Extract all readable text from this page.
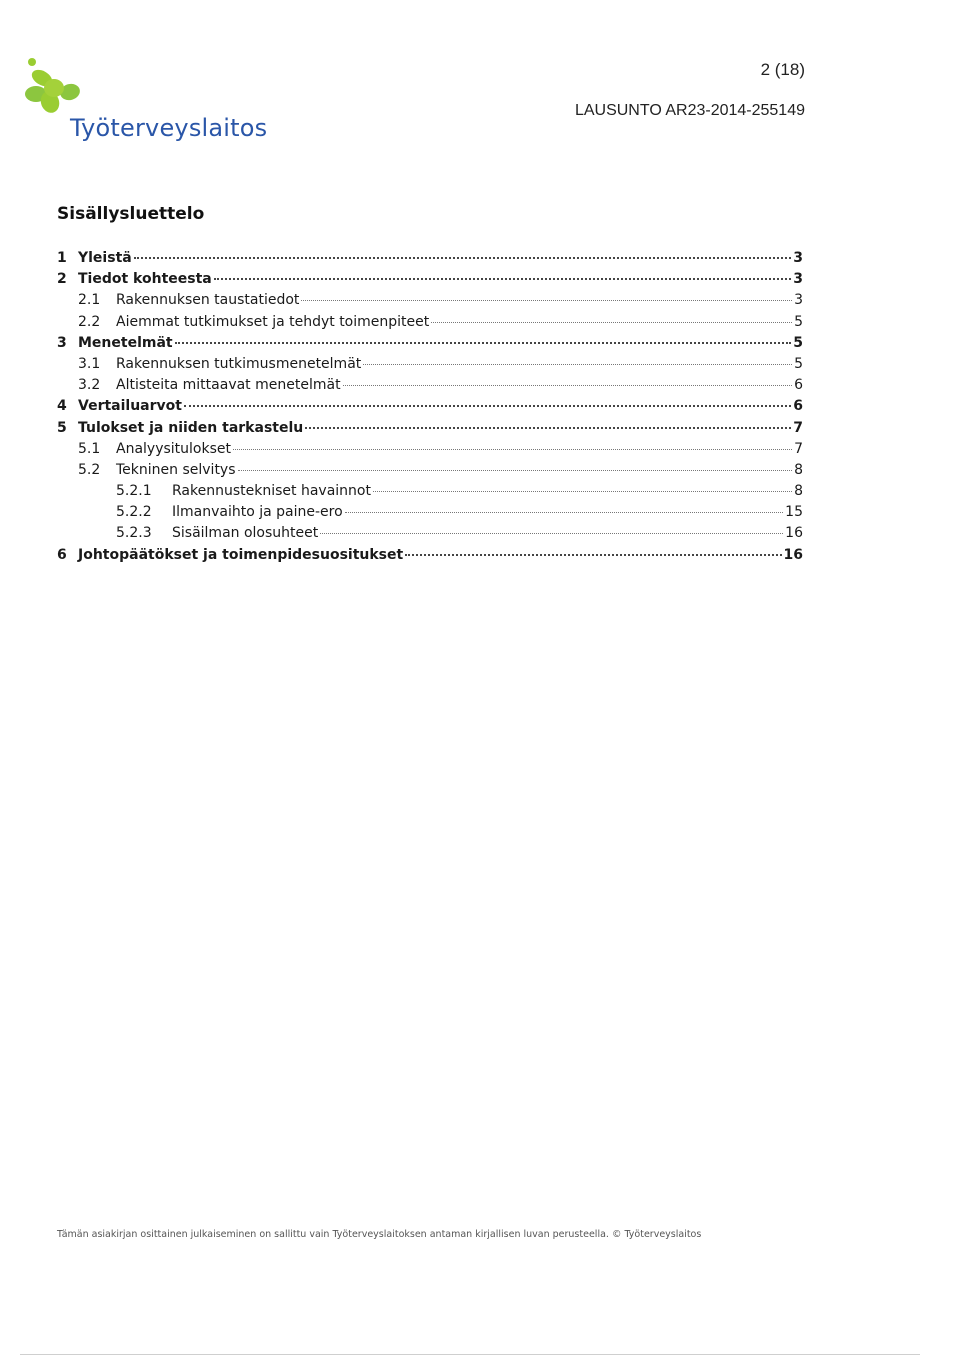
Työterveyslaitos
2 (18)
LAUSUNTO AR23-2014-255149
Sisällysluettelo
1 Yleistä	3
2 Tiedot kohteesta	3
2.1	Rakennuksen taustatiedot	3
2.2	Aiemmat tutkimukset ja tehdyt toimenpiteet	5
3 Menetelmät	5
3.1	Rakennuksen tutkimusmenetelmät	5
3.2	Altisteita mittaavat menetelmät	6
4 Vertailuarvot	6
5 Tulokset ja niiden tarkastelu	7
5.1	Analyysitulokset	7
5.2	Tekninen selvitys	8
5.2.1	Rakennustekniset havainnot	8
5.2.2	Ilmanvaihto ja paine-ero	15
5.2.3	Sisäilman olosuhteet	16
6 Johtopäätökset ja toimenpidesuositukset	16
Tämän asiakirjan osittainen julkaiseminen on sallittu vain Työterveyslaitoksen antaman kirjallisen luvan perusteella. © Työterveyslaitos
